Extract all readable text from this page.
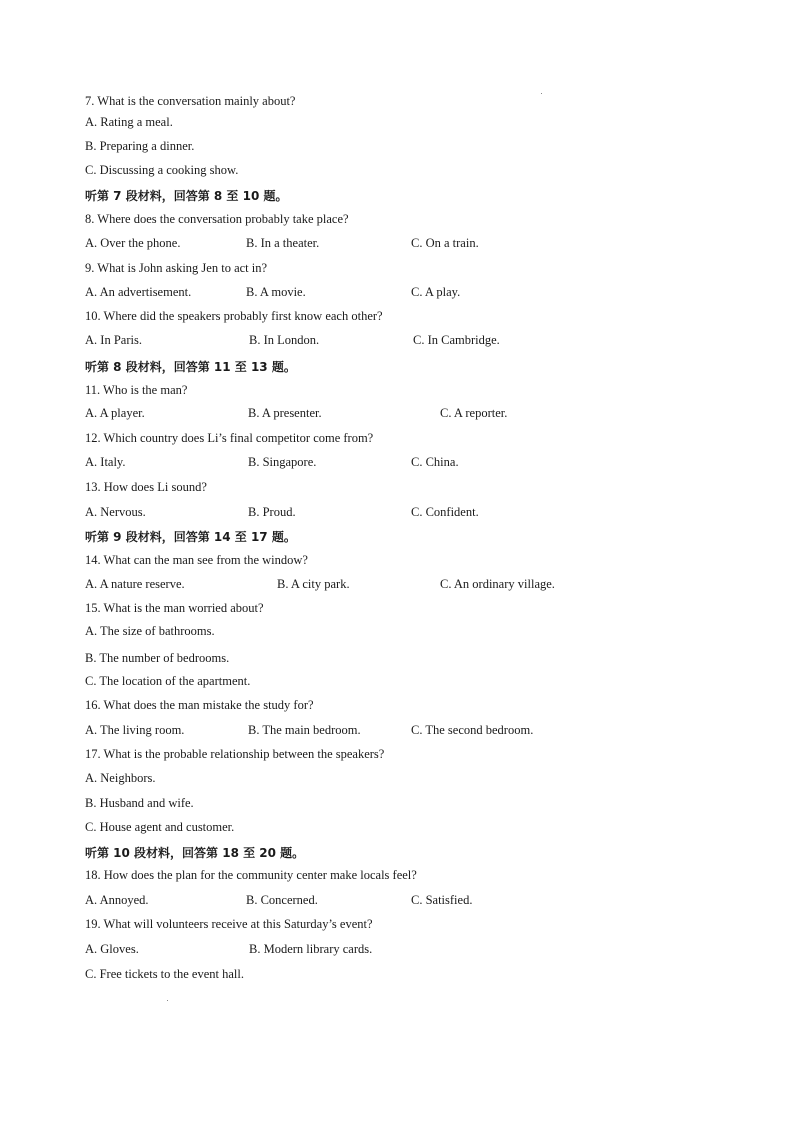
7. What is the conversation mainly about?
A. Rating a meal.
B. Preparing a dinner.
C. Discussing a cooking show.
听第 7 段材料，回答第 8 至 10 题。
8. Where does the conversation probably take place?
A. Over the phone.	B. In a theater.	C. On a train.
9. What is John asking Jen to act in?
A. An advertisement.	B. A movie.	C. A play.
10. Where did the speakers probably first know each other?
A. In Paris.	B. In London.	C. In Cambridge.
听第 8 段材料，回答第 11 至 13 题。
11. Who is the man?
A. A player.	B. A presenter.	C. A reporter.
12. Which country does Li’s final competitor come from?
A. Italy.	B. Singapore.	C. China.
13. How does Li sound?
A. Nervous.	B. Proud.	C. Confident.
听第 9 段材料，回答第 14 至 17 题。
14. What can the man see from the window?
A. A nature reserve.	B. A city park.	C. An ordinary village.
15. What is the man worried about?
A. The size of bathrooms.
B. The number of bedrooms.
C. The location of the apartment.
16. What does the man mistake the study for?
A. The living room.	B. The main bedroom.	C. The second bedroom.
17. What is the probable relationship between the speakers?
A. Neighbors.
B. Husband and wife.
C. House agent and customer.
听第 10 段材料，回答第 18 至 20 题。
18. How does the plan for the community center make locals feel?
A. Annoyed.	B. Concerned.	C. Satisfied.
19. What will volunteers receive at this Saturday’s event?
A. Gloves.	B. Modern library cards.
C. Free tickets to the event hall.
